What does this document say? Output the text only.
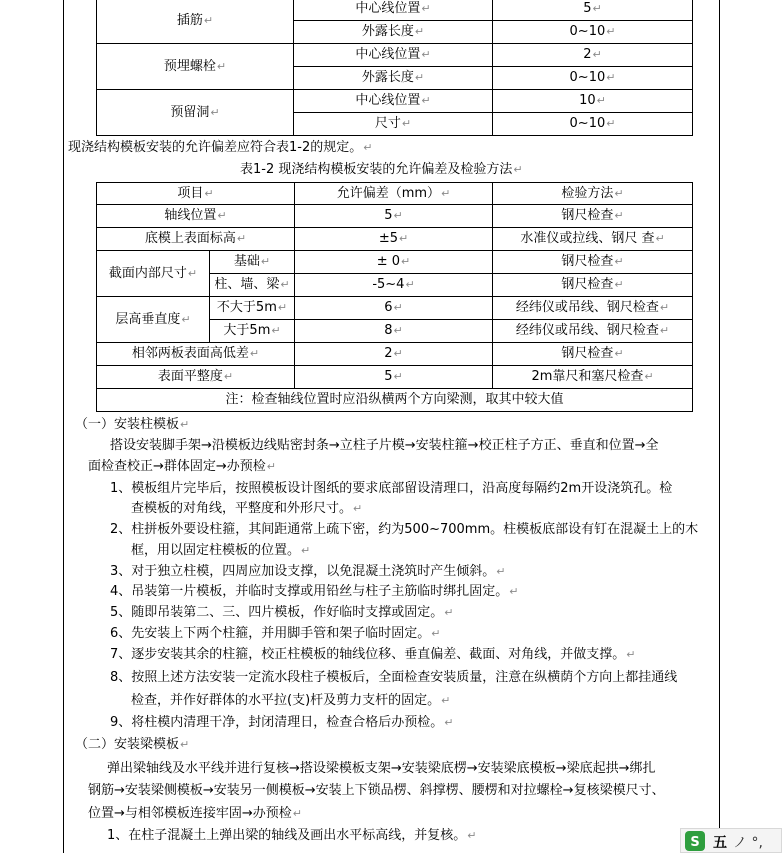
插筋↵	中心线位置↵	5↵
	外露长度↵	0~10↵
预埋螺栓↵	中心线位置↵	2↵
	外露长度↵	0~10↵
预留洞↵	中心线位置↵	10↵
	尺寸↵	0~10↵
现浇结构模板安装的允许偏差应符合表1-2的规定。↵
表1-2 现浇结构模板安装的允许偏差及检验方法↵
项目↵		允许偏差（mm）↵	检验方法↵
轴线位置↵		5↵	钢尺检查↵
底模上表面标高↵		±5↵	水准仪或拉线、钢尺 查↵
截面内部尺寸↵	基础↵	± 0↵	钢尺检查↵
	柱、墙、梁↵	-5~4↵	钢尺检查↵
层高垂直度↵	不大于5m↵	6↵	经纬仪或吊线、钢尺检查↵
	大于5m↵	8↵	经纬仪或吊线、钢尺检查↵
相邻两板表面高低差↵		2↵	钢尺检查↵
表面平整度↵		5↵	2m靠尺和塞尺检查↵
注：检查轴线位置时应沿纵横两个方向梁测，取其中较大值			
（一）安装柱模板↵
搭设安装脚手架→沿模板边线贴密封条→立柱子片模→安装柱箍→校正柱子方正、垂直和位置→全
面检查校正→群体固定→办预检↵
1、模板组片完毕后，按照模板设计图纸的要求底部留设清理口，沿高度每隔约2m开设浇筑孔。检
查模板的对角线，平整度和外形尺寸。↵
2、柱拼板外要设柱箍，其间距通常上疏下密，约为500~700mm。柱模板底部设有钉在混凝土上的木
框，用以固定柱模板的位置。↵
3、对于独立柱模，四周应加设支撑，以免混凝土浇筑时产生倾斜。↵
4、吊装第一片模板，并临时支撑或用铅丝与柱子主筋临时绑扎固定。↵
5、随即吊装第二、三、四片模板，作好临时支撑或固定。↵
6、先安装上下两个柱箍，并用脚手管和架子临时固定。↵
7、逐步安装其余的柱箍，校正柱模板的轴线位移、垂直偏差、截面、对角线，并做支撑。↵
8、按照上述方法安装一定流水段柱子模板后，全面检查安装质量，注意在纵横荫个方向上都挂通线
检查，并作好群体的水平拉(支)杆及剪力支杆的固定。↵
9、将柱模内清理干净，封闭清理日，检查合格后办预检。↵
（二）安装梁模板↵
弹出梁轴线及水平线并进行复核→搭设梁模板支架→安装梁底楞→安装梁底模板→梁底起拱→绑扎
钢筋→安装梁侧模板→安装另一侧模板→安装上下锁品楞、斜撑楞、腰楞和对拉螺栓→复核梁模尺寸、
位置→与相邻模板连接牢固→办预检↵
1、在柱子混凝土上弹出梁的轴线及画出水平标高线，并复核。↵	S 五 ノ °,
